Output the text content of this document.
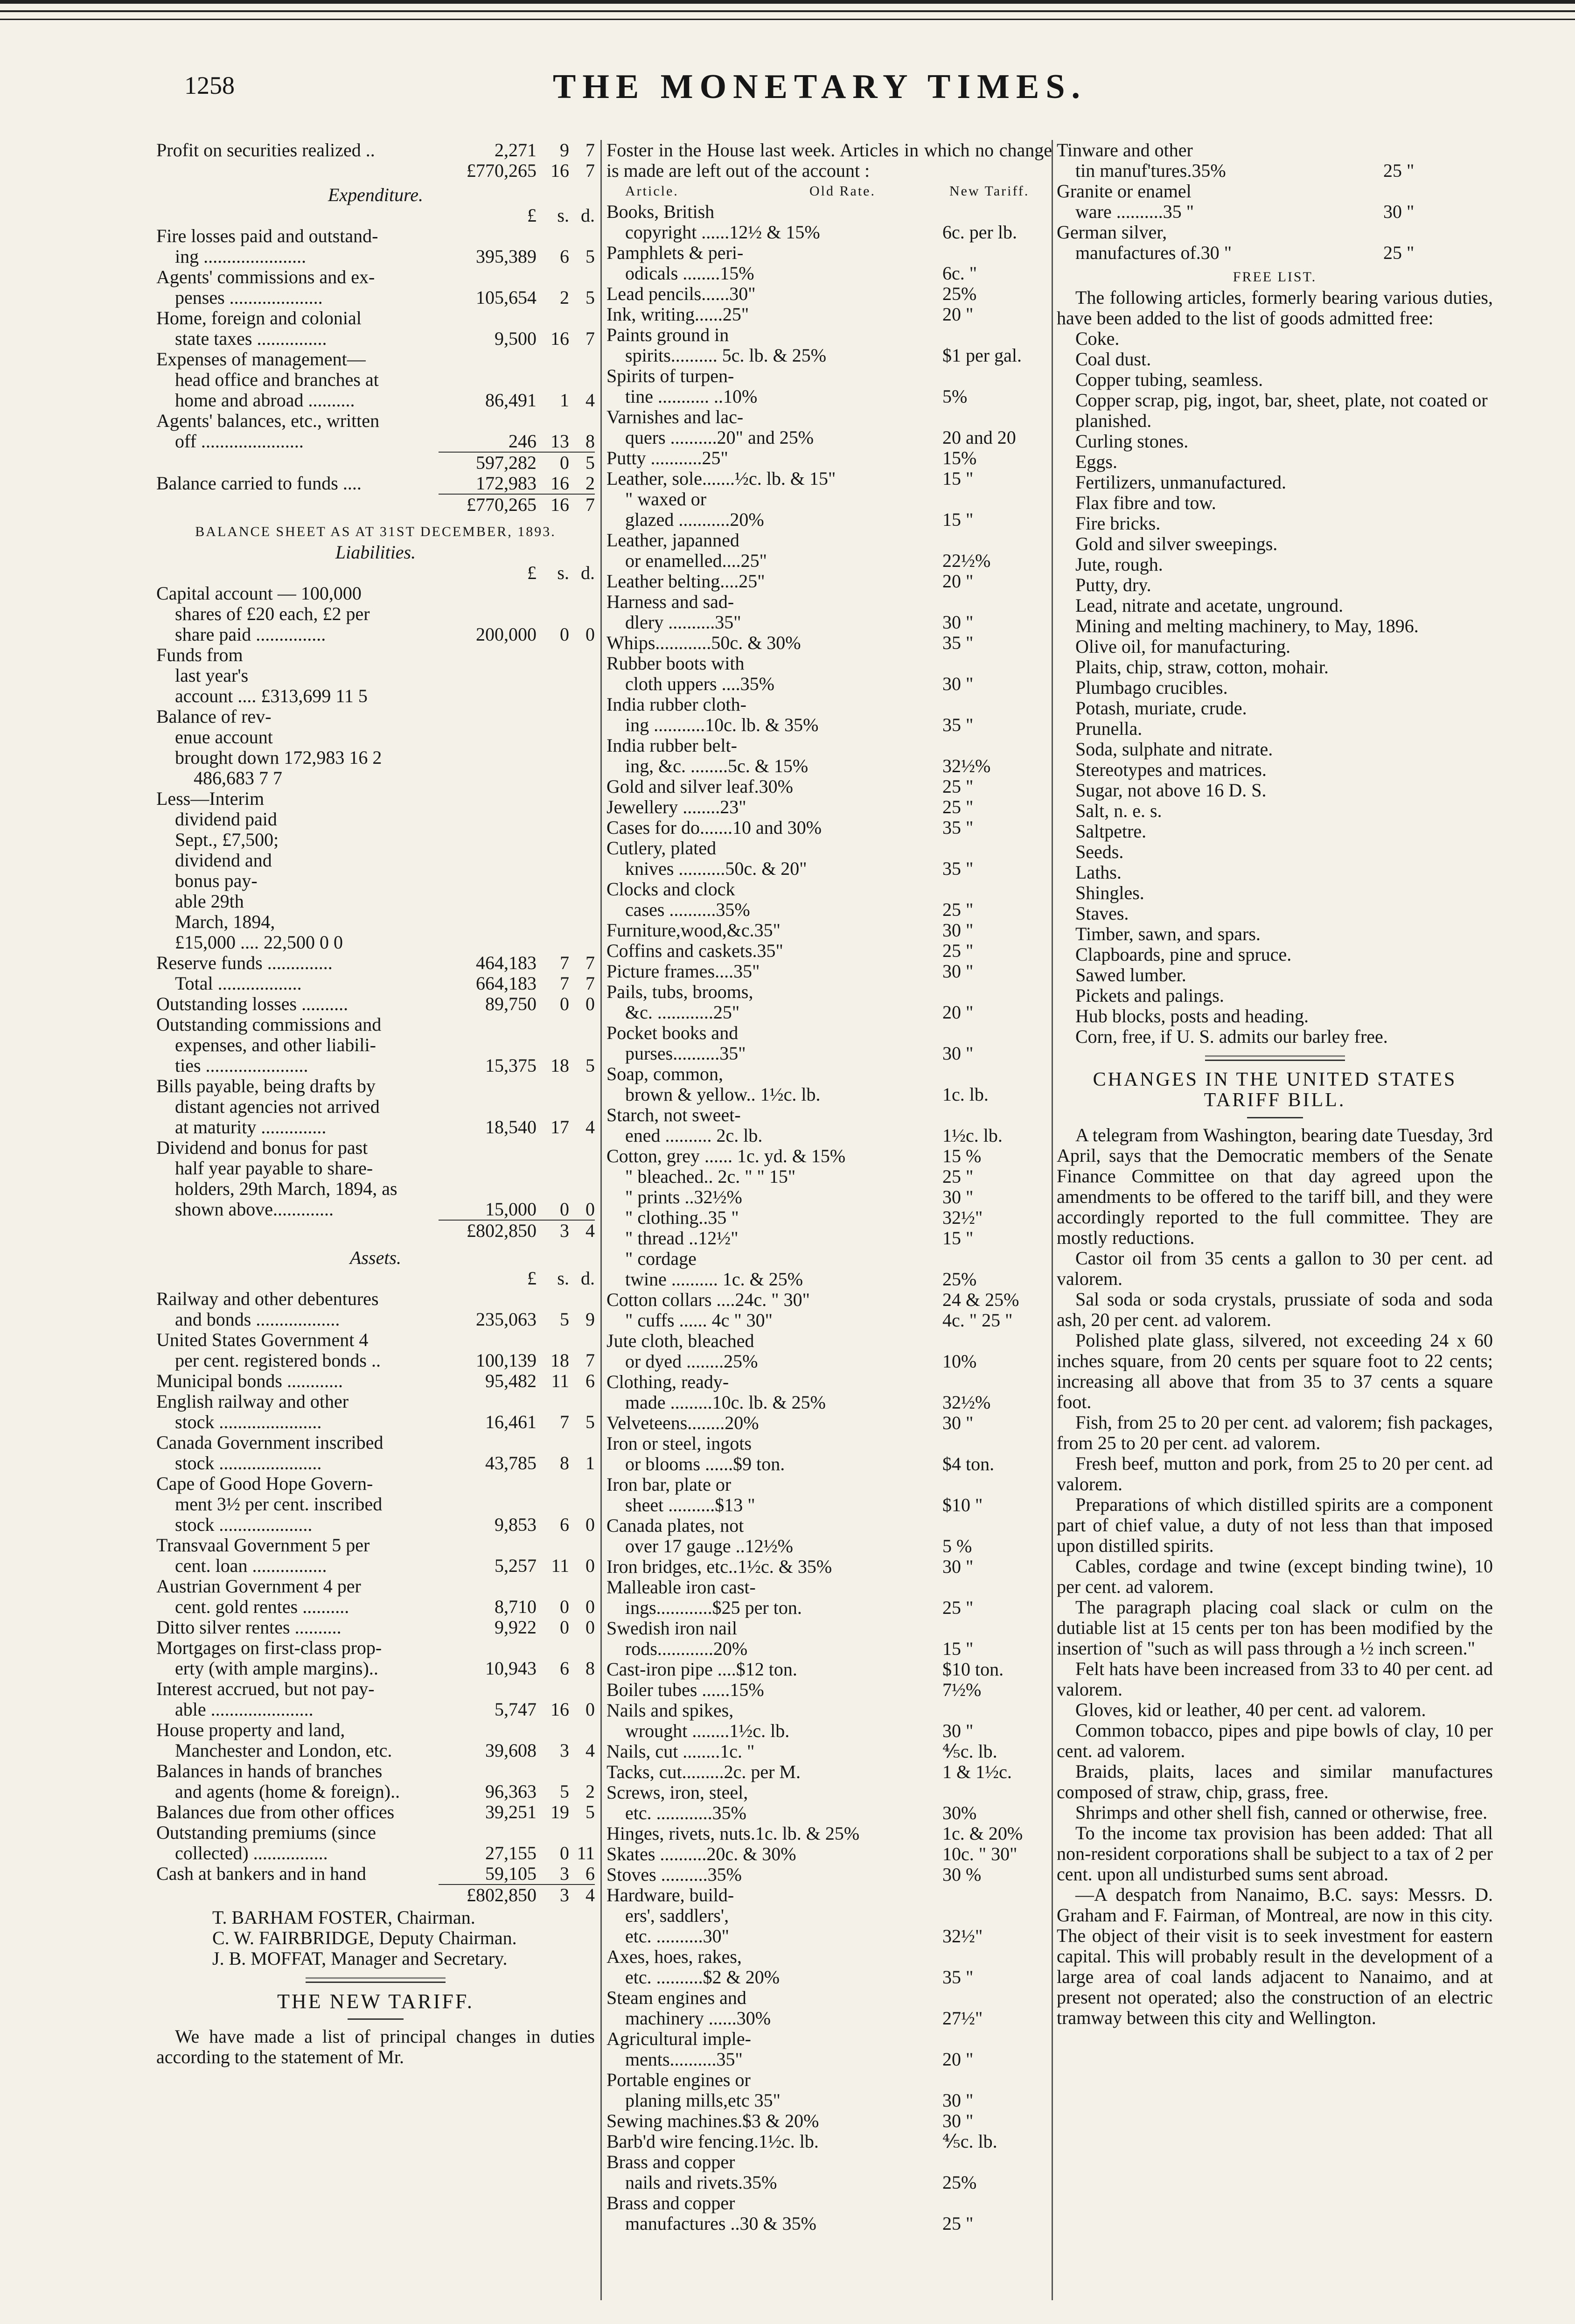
1258	THE MONETARY TIMES.
Profit on securities realized ..	2,271	9 7
£770,265 16 7
Expenditure.
£	s. d.
Fire losses paid and outstand-
ing ......................	395,389	6 5
Agents' commissions and ex-
penses ....................	105,654	2 5
Home, foreign and colonial
state taxes ...............	9,500 16 7
Expenses of management—
head office and branches at
home and abroad ..........	86,491	1 4
Agents' balances, etc., written
off ......................	246 13 8
597,282	0 5
Balance carried to funds ....	172,983 16 2
£770,265 16 7
BALANCE SHEET AS AT 31ST DECEMBER, 1893.
Liabilities.
£	s. d.
Capital account — 100,000
shares of £20 each, £2 per
share paid ...............	200,000	0 0
Funds from
last year's
account .... £313,699 11 5
Balance of rev-
enue account
brought down 172,983 16 2
486,683 7 7
Less—Interim
dividend paid
Sept., £7,500;
dividend and
bonus pay-
able 29th
March, 1894,
£15,000 .... 22,500 0 0
Reserve funds ..............	464,183	7 7
Total ..................	664,183	7 7
Outstanding losses ..........	89,750	0 0
Outstanding commissions and
expenses, and other liabili-
ties ......................	15,375 18 5
Bills payable, being drafts by
distant agencies not arrived
at maturity ..............	18,540 17 4
Dividend and bonus for past
half year payable to share-
holders, 29th March, 1894, as
shown above.............	15,000	0 0
£802,850	3 4
Assets.
£	s. d.
Railway and other debentures
and bonds ..................	235,063	5 9
United States Government 4
per cent. registered bonds ..	100,139 18 7
Municipal bonds ............	95,482 11 6
English railway and other
stock ......................	16,461	7 5
Canada Government inscribed
stock ......................	43,785	8 1
Cape of Good Hope Govern-
ment 3½ per cent. inscribed
stock ....................	9,853	6 0
Transvaal Government 5 per
cent. loan ................	5,257 11 0
Austrian Government 4 per
cent. gold rentes ..........	8,710	0 0
Ditto silver rentes ..........	9,922	0 0
Mortgages on first-class prop-
erty (with ample margins)..	10,943	6 8
Interest accrued, but not pay-
able ......................	5,747 16 0
House property and land,
Manchester and London, etc.	39,608	3 4
Balances in hands of branches
and agents (home & foreign)..	96,363	5 2
Balances due from other offices	39,251 19 5
Outstanding premiums (since
collected) ................	27,155	0 11
Cash at bankers and in hand	59,105	3 6
£802,850	3 4
T. BARHAM FOSTER, Chairman.
C. W. FAIRBRIDGE, Deputy Chairman.
J. B. MOFFAT, Manager and Secretary.
THE NEW TARIFF.
We have made a list of principal changes in duties according to the statement of Mr.
Foster in the House last week. Articles in which no change is made are left out of the account :
Article.	Old Rate.	New Tariff.
Books, British
copyright ......12½ & 15%	6c. per lb.
Pamphlets & peri-
odicals ........15%	6c. "
Lead pencils......30"	25%
Ink, writing......25"	20 "
Paints ground in
spirits.......... 5c. lb. & 25%	$1 per gal.
Spirits of turpen-
tine ........... ..10%	5%
Varnishes and lac-
quers ..........20" and 25%	20 and 20
Putty ...........25"	15%
Leather, sole.......½c. lb. & 15"	15 "
" waxed or
glazed ...........20%	15 "
Leather, japanned
or enamelled....25"	22½%
Leather belting....25"	20 "
Harness and sad-
dlery ..........35"	30 "
Whips............50c. & 30%	35 "
Rubber boots with
cloth uppers ....35%	30 "
India rubber cloth-
ing ...........10c. lb. & 35%	35 "
India rubber belt-
ing, &c. ........5c. & 15%	32½%
Gold and silver leaf.30%	25 "
Jewellery ........23"	25 "
Cases for do.......10 and 30%	35 "
Cutlery, plated
knives ..........50c. & 20"	35 "
Clocks and clock
cases ..........35%	25 "
Furniture,wood,&c.35"	30 "
Coffins and caskets.35"	25 "
Picture frames....35"	30 "
Pails, tubs, brooms,
&c. ............25"	20 "
Pocket books and
purses..........35"	30 "
Soap, common,
brown & yellow.. 1½c. lb.	1c. lb.
Starch, not sweet-
ened .......... 2c. lb.	1½c. lb.
Cotton, grey ...... 1c. yd. & 15%	15 %
" bleached.. 2c. " " 15"	25 "
" prints ..32½%	30 "
" clothing..35 "	32½"
" thread ..12½"	15 "
" cordage
twine .......... 1c. & 25%	25%
Cotton collars ....24c. " 30"	24 & 25%
" cuffs ...... 4c " 30"	4c. " 25 "
Jute cloth, bleached
or dyed ........25%	10%
Clothing, ready-
made .........10c. lb. & 25%	32½%
Velveteens........20%	30 "
Iron or steel, ingots
or blooms ......$9 ton.	$4 ton.
Iron bar, plate or
sheet ..........$13 "	$10 "
Canada plates, not
over 17 gauge ..12½%	5 %
Iron bridges, etc..1½c. & 35%	30 "
Malleable iron cast-
ings............$25 per ton.	25 "
Swedish iron nail
rods............20%	15 "
Cast-iron pipe ....$12 ton.	$10 ton.
Boiler tubes ......15%	7½%
Nails and spikes,
wrought ........1½c. lb.	30 "
Nails, cut ........1c. "	⅘c. lb.
Tacks, cut.........2c. per M.	1 & 1½c.
Screws, iron, steel,
etc. ............35%	30%
Hinges, rivets, nuts.1c. lb. & 25%	1c. & 20%
Skates ..........20c. & 30%	10c. " 30"
Stoves ..........35%	30 %
Hardware, build-
ers', saddlers',
etc. ..........30"	32½"
Axes, hoes, rakes,
etc. ..........$2 & 20%	35 "
Steam engines and
machinery ......30%	27½"
Agricultural imple-
ments..........35"	20 "
Portable engines or
planing mills,etc 35"	30 "
Sewing machines.$3 & 20%	30 "
Barb'd wire fencing.1½c. lb.	⅘c. lb.
Brass and copper
nails and rivets.35%	25%
Brass and copper
manufactures ..30 & 35%	25 "
Tinware and other
tin manuf'tures.35%	25 "
Granite or enamel
ware ..........35 "	30 "
German silver,
manufactures of.30 "	25 "
FREE LIST.
The following articles, formerly bearing various duties, have been added to the list of goods admitted free:
Coke.
Coal dust.
Copper tubing, seamless.
Copper scrap, pig, ingot, bar, sheet, plate, not coated or planished.
Curling stones.
Eggs.
Fertilizers, unmanufactured.
Flax fibre and tow.
Fire bricks.
Gold and silver sweepings.
Jute, rough.
Putty, dry.
Lead, nitrate and acetate, unground.
Mining and melting machinery, to May, 1896.
Olive oil, for manufacturing.
Plaits, chip, straw, cotton, mohair.
Plumbago crucibles.
Potash, muriate, crude.
Prunella.
Soda, sulphate and nitrate.
Stereotypes and matrices.
Sugar, not above 16 D. S.
Salt, n. e. s.
Saltpetre.
Seeds.
Laths.
Shingles.
Staves.
Timber, sawn, and spars.
Clapboards, pine and spruce.
Sawed lumber.
Pickets and palings.
Hub blocks, posts and heading.
Corn, free, if U. S. admits our barley free.
CHANGES IN THE UNITED STATES TARIFF BILL.
A telegram from Washington, bearing date Tuesday, 3rd April, says that the Democratic members of the Senate Finance Committee on that day agreed upon the amendments to be offered to the tariff bill, and they were accordingly reported to the full committee. They are mostly reductions.
Castor oil from 35 cents a gallon to 30 per cent. ad valorem.
Sal soda or soda crystals, prussiate of soda and soda ash, 20 per cent. ad valorem.
Polished plate glass, silvered, not exceeding 24 x 60 inches square, from 20 cents per square foot to 22 cents; increasing all above that from 35 to 37 cents a square foot.
Fish, from 25 to 20 per cent. ad valorem; fish packages, from 25 to 20 per cent. ad valorem.
Fresh beef, mutton and pork, from 25 to 20 per cent. ad valorem.
Preparations of which distilled spirits are a component part of chief value, a duty of not less than that imposed upon distilled spirits.
Cables, cordage and twine (except binding twine), 10 per cent. ad valorem.
The paragraph placing coal slack or culm on the dutiable list at 15 cents per ton has been modified by the insertion of "such as will pass through a ½ inch screen."
Felt hats have been increased from 33 to 40 per cent. ad valorem.
Gloves, kid or leather, 40 per cent. ad valorem.
Common tobacco, pipes and pipe bowls of clay, 10 per cent. ad valorem.
Braids, plaits, laces and similar manufactures composed of straw, chip, grass, free.
Shrimps and other shell fish, canned or otherwise, free.
To the income tax provision has been added: That all non-resident corporations shall be subject to a tax of 2 per cent. upon all undisturbed sums sent abroad.
—A despatch from Nanaimo, B.C. says: Messrs. D. Graham and F. Fairman, of Montreal, are now in this city. The object of their visit is to seek investment for eastern capital. This will probably result in the development of a large area of coal lands adjacent to Nanaimo, and at present not operated; also the construction of an electric tramway between this city and Wellington.
